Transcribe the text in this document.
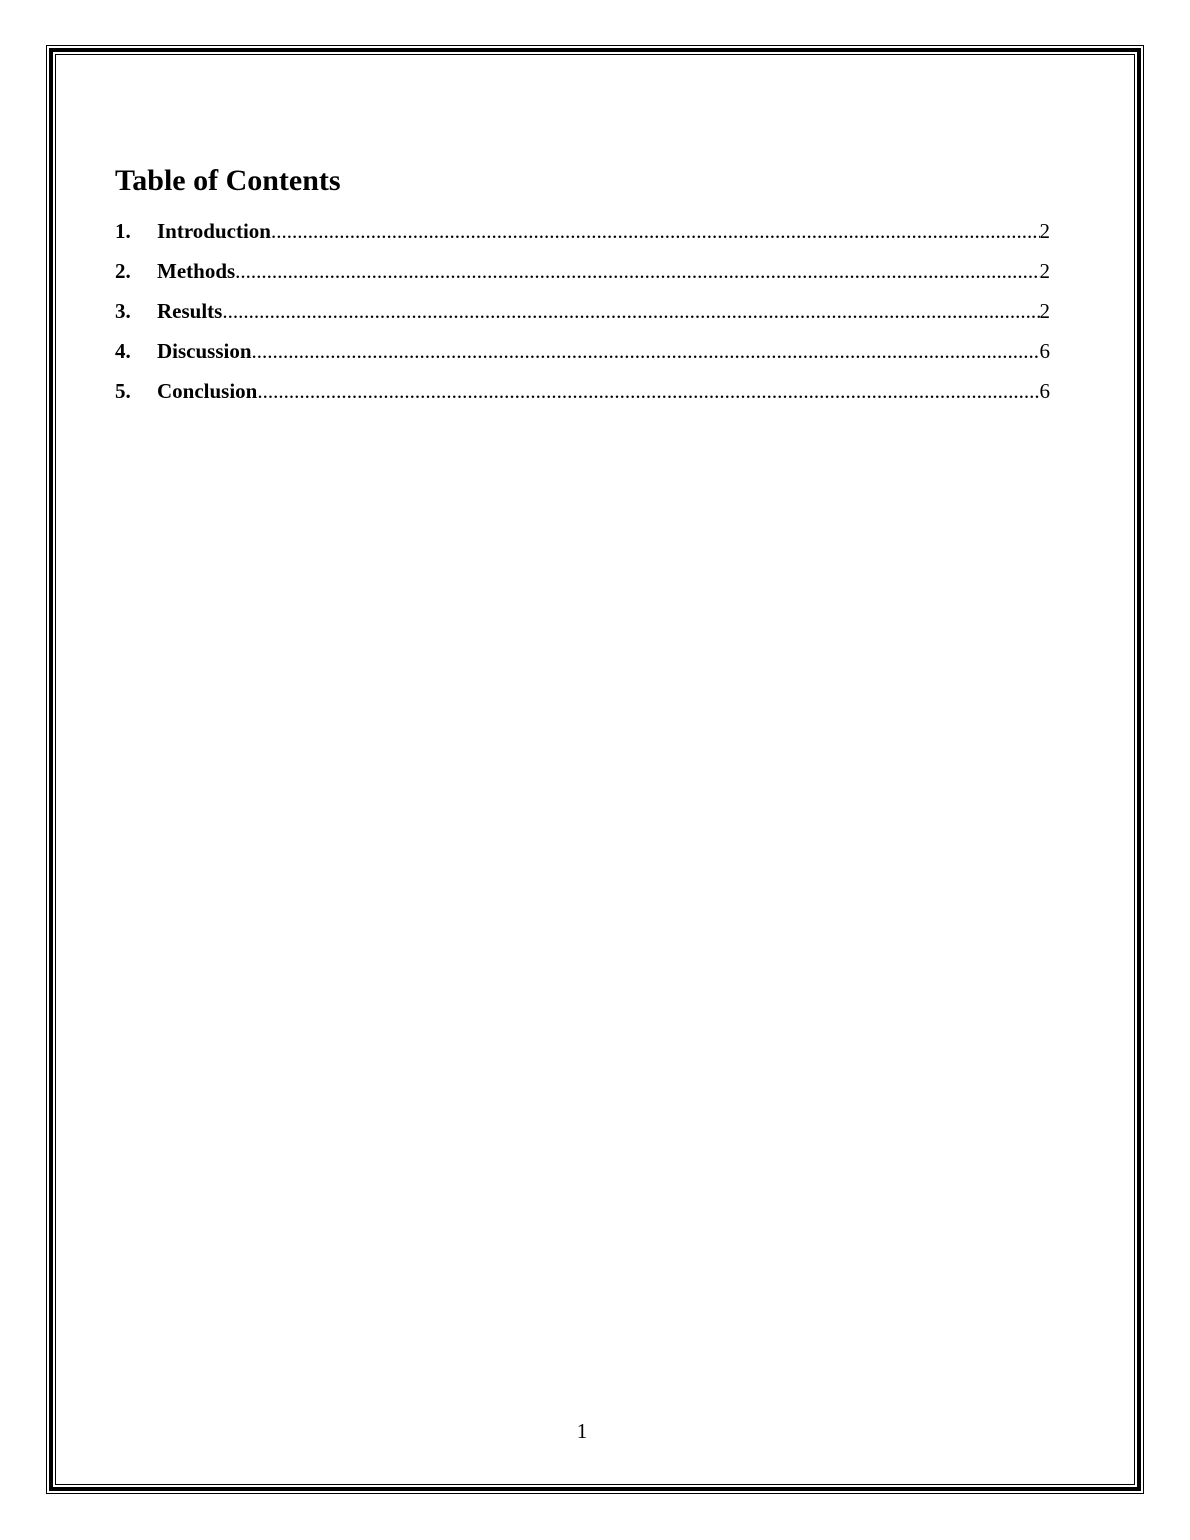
Table of Contents
1.	Introduction .....	2
2.	Methods .....	2
3.	Results .....	2
4.	Discussion .....	6
5.	Conclusion .....	6
1
